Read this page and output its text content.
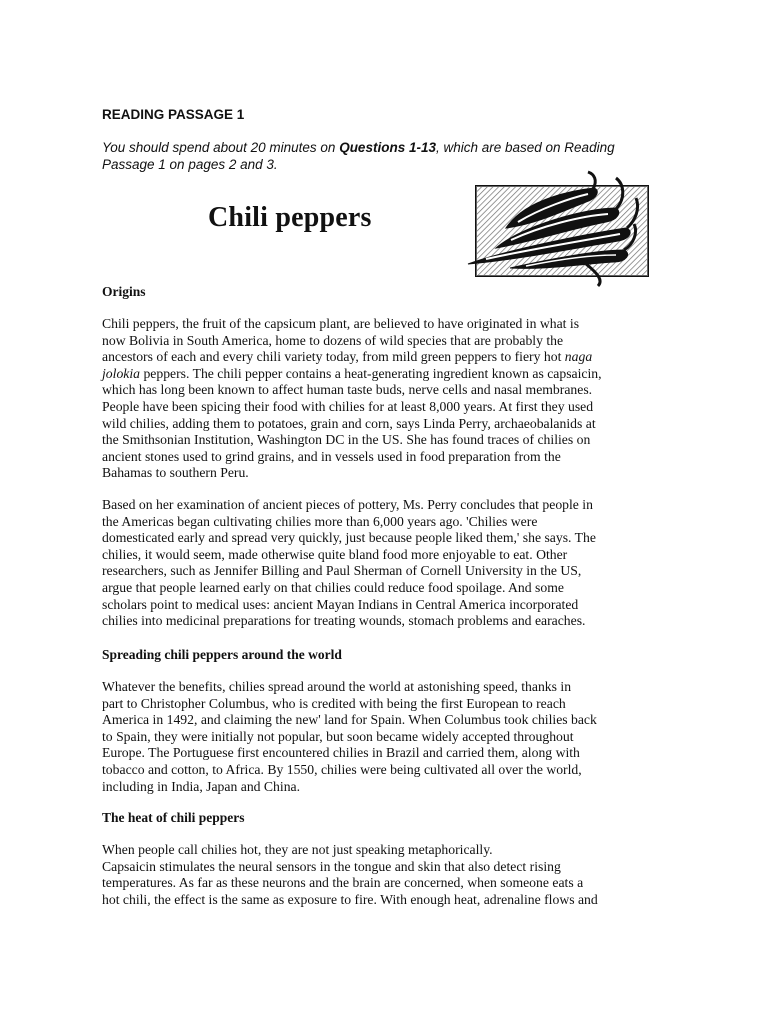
READING PASSAGE 1
You should spend about 20 minutes on Questions 1-13, which are based on Reading
Passage 1 on pages 2 and 3.
Chili peppers
Origins
Chili peppers, the fruit of the capsicum plant, are believed to have originated in what is
now Bolivia in South America, home to dozens of wild species that are probably the
ancestors of each and every chili variety today, from mild green peppers to fiery hot naga
jolokia peppers. The chili pepper contains a heat-generating ingredient known as capsaicin,
which has long been known to affect human taste buds, nerve cells and nasal membranes.
People have been spicing their food with chilies for at least 8,000 years. At first they used
wild chilies, adding them to potatoes, grain and corn, says Linda Perry, archaeobalanids at
the Smithsonian Institution, Washington DC in the US. She has found traces of chilies on
ancient stones used to grind grains, and in vessels used in food preparation from the
Bahamas to southern Peru.
Based on her examination of ancient pieces of pottery, Ms. Perry concludes that people in
the Americas began cultivating chilies more than 6,000 years ago. 'Chilies were
domesticated early and spread very quickly, just because people liked them,' she says. The
chilies, it would seem, made otherwise quite bland food more enjoyable to eat. Other
researchers, such as Jennifer Billing and Paul Sherman of Cornell University in the US,
argue that people learned early on that chilies could reduce food spoilage. And some
scholars point to medical uses: ancient Mayan Indians in Central America incorporated
chilies into medicinal preparations for treating wounds, stomach problems and earaches.
Spreading chili peppers around the world
Whatever the benefits, chilies spread around the world at astonishing speed, thanks in
part to Christopher Columbus, who is credited with being the first European to reach
America in 1492, and claiming the new' land for Spain. When Columbus took chilies back
to Spain, they were initially not popular, but soon became widely accepted throughout
Europe. The Portuguese first encountered chilies in Brazil and carried them, along with
tobacco and cotton, to Africa. By 1550, chilies were being cultivated all over the world,
including in India, Japan and China.
The heat of chili peppers
When people call chilies hot, they are not just speaking metaphorically.
Capsaicin stimulates the neural sensors in the tongue and skin that also detect rising
temperatures. As far as these neurons and the brain are concerned, when someone eats a
hot chili, the effect is the same as exposure to fire. With enough heat, adrenaline flows and
